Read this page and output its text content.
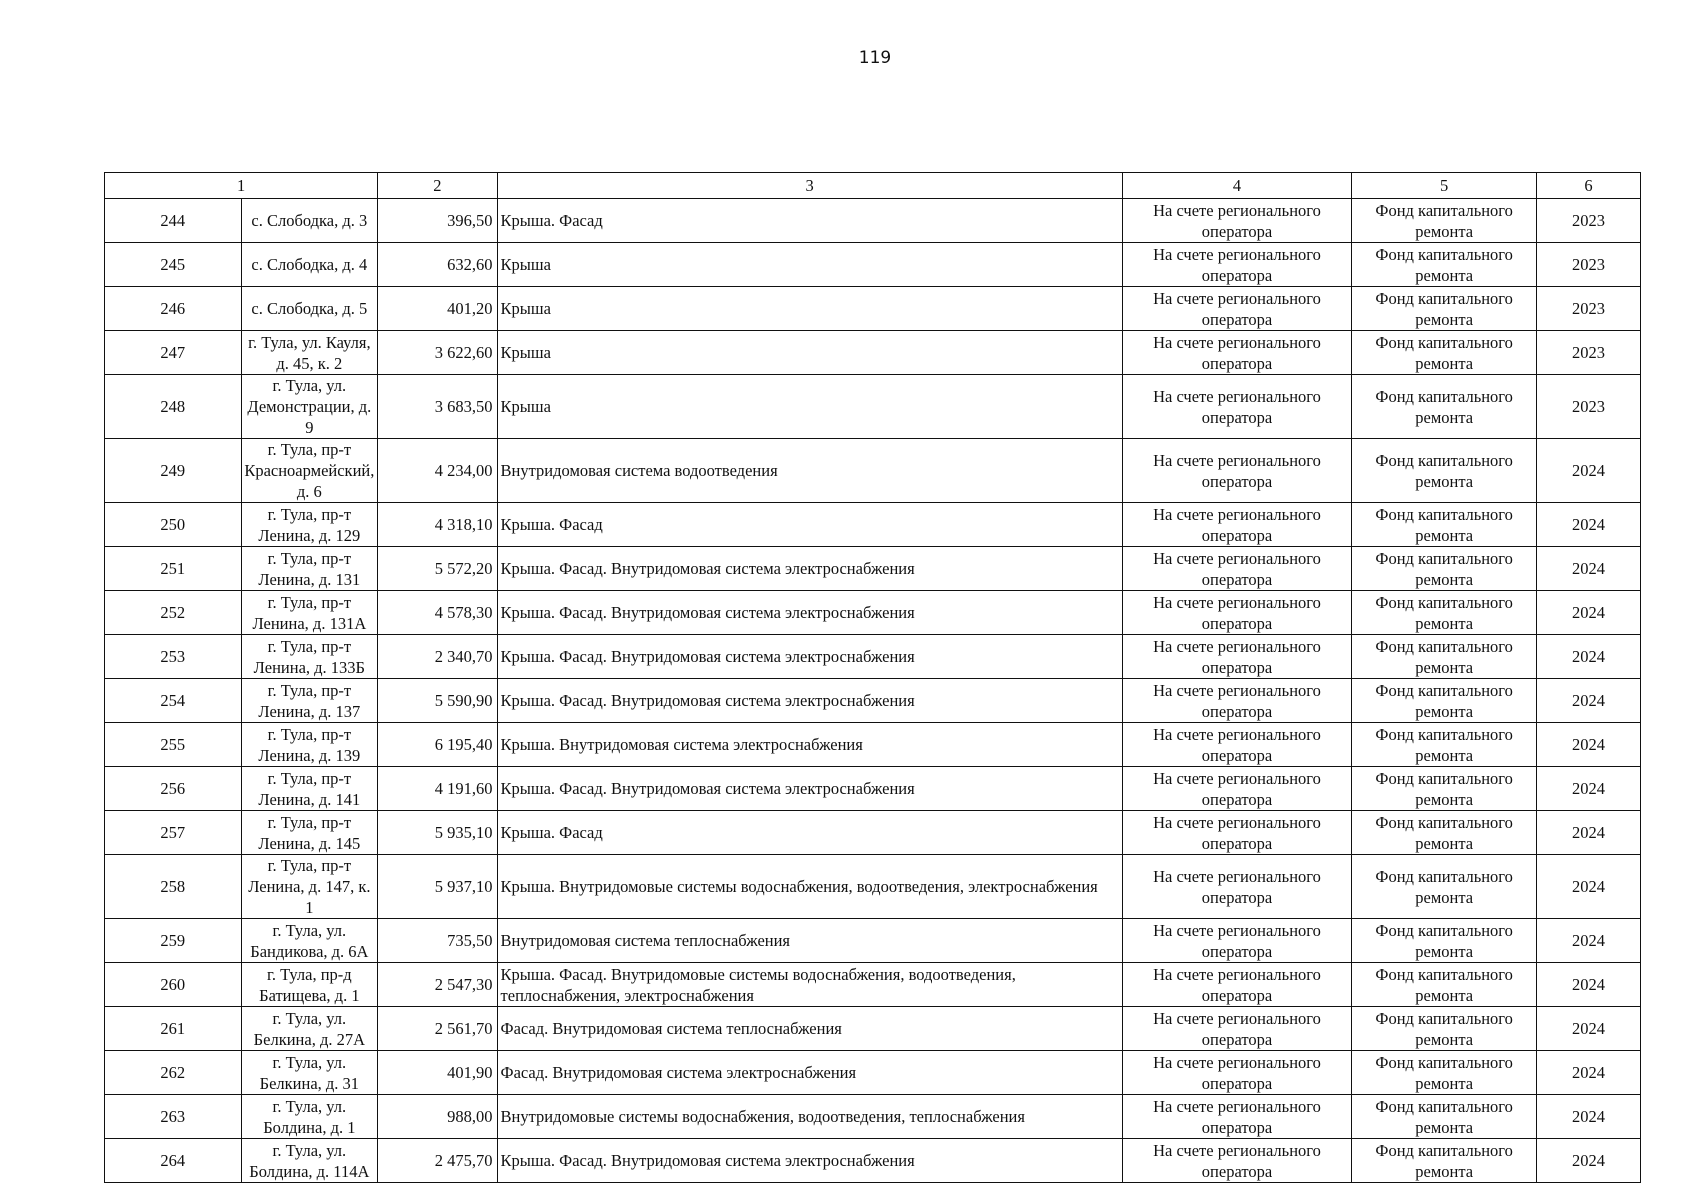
119
1		2	3	4	5	6
244	с. Слободка, д. 3	396,50	Крыша. Фасад	На счете регионального оператора	Фонд капитального ремонта	2023
245	с. Слободка, д. 4	632,60	Крыша	На счете регионального оператора	Фонд капитального ремонта	2023
246	с. Слободка, д. 5	401,20	Крыша	На счете регионального оператора	Фонд капитального ремонта	2023
247	г. Тула, ул. Кауля, д. 45, к. 2	3 622,60	Крыша	На счете регионального оператора	Фонд капитального ремонта	2023
248	г. Тула, ул. Демонстрации, д. 9	3 683,50	Крыша	На счете регионального оператора	Фонд капитального ремонта	2023
249	г. Тула, пр-т Красноармейский, д. 6	4 234,00	Внутридомовая система водоотведения	На счете регионального оператора	Фонд капитального ремонта	2024
250	г. Тула, пр-т Ленина, д. 129	4 318,10	Крыша. Фасад	На счете регионального оператора	Фонд капитального ремонта	2024
251	г. Тула, пр-т Ленина, д. 131	5 572,20	Крыша. Фасад. Внутридомовая система электроснабжения	На счете регионального оператора	Фонд капитального ремонта	2024
252	г. Тула, пр-т Ленина, д. 131А	4 578,30	Крыша. Фасад. Внутридомовая система электроснабжения	На счете регионального оператора	Фонд капитального ремонта	2024
253	г. Тула, пр-т Ленина, д. 133Б	2 340,70	Крыша. Фасад. Внутридомовая система электроснабжения	На счете регионального оператора	Фонд капитального ремонта	2024
254	г. Тула, пр-т Ленина, д. 137	5 590,90	Крыша. Фасад. Внутридомовая система электроснабжения	На счете регионального оператора	Фонд капитального ремонта	2024
255	г. Тула, пр-т Ленина, д. 139	6 195,40	Крыша. Внутридомовая система электроснабжения	На счете регионального оператора	Фонд капитального ремонта	2024
256	г. Тула, пр-т Ленина, д. 141	4 191,60	Крыша. Фасад. Внутридомовая система электроснабжения	На счете регионального оператора	Фонд капитального ремонта	2024
257	г. Тула, пр-т Ленина, д. 145	5 935,10	Крыша. Фасад	На счете регионального оператора	Фонд капитального ремонта	2024
258	г. Тула, пр-т Ленина, д. 147, к. 1	5 937,10	Крыша. Внутридомовые системы водоснабжения, водоотведения, электроснабжения	На счете регионального оператора	Фонд капитального ремонта	2024
259	г. Тула, ул. Бандикова, д. 6А	735,50	Внутридомовая система теплоснабжения	На счете регионального оператора	Фонд капитального ремонта	2024
260	г. Тула, пр-д Батищева, д. 1	2 547,30	Крыша. Фасад. Внутридомовые системы водоснабжения, водоотведения, теплоснабжения, электроснабжения	На счете регионального оператора	Фонд капитального ремонта	2024
261	г. Тула, ул. Белкина, д. 27А	2 561,70	Фасад. Внутридомовая система теплоснабжения	На счете регионального оператора	Фонд капитального ремонта	2024
262	г. Тула, ул. Белкина, д. 31	401,90	Фасад. Внутридомовая система электроснабжения	На счете регионального оператора	Фонд капитального ремонта	2024
263	г. Тула, ул. Болдина, д. 1	988,00	Внутридомовые системы водоснабжения, водоотведения, теплоснабжения	На счете регионального оператора	Фонд капитального ремонта	2024
264	г. Тула, ул. Болдина, д. 114А	2 475,70	Крыша. Фасад. Внутридомовая система электроснабжения	На счете регионального оператора	Фонд капитального ремонта	2024
